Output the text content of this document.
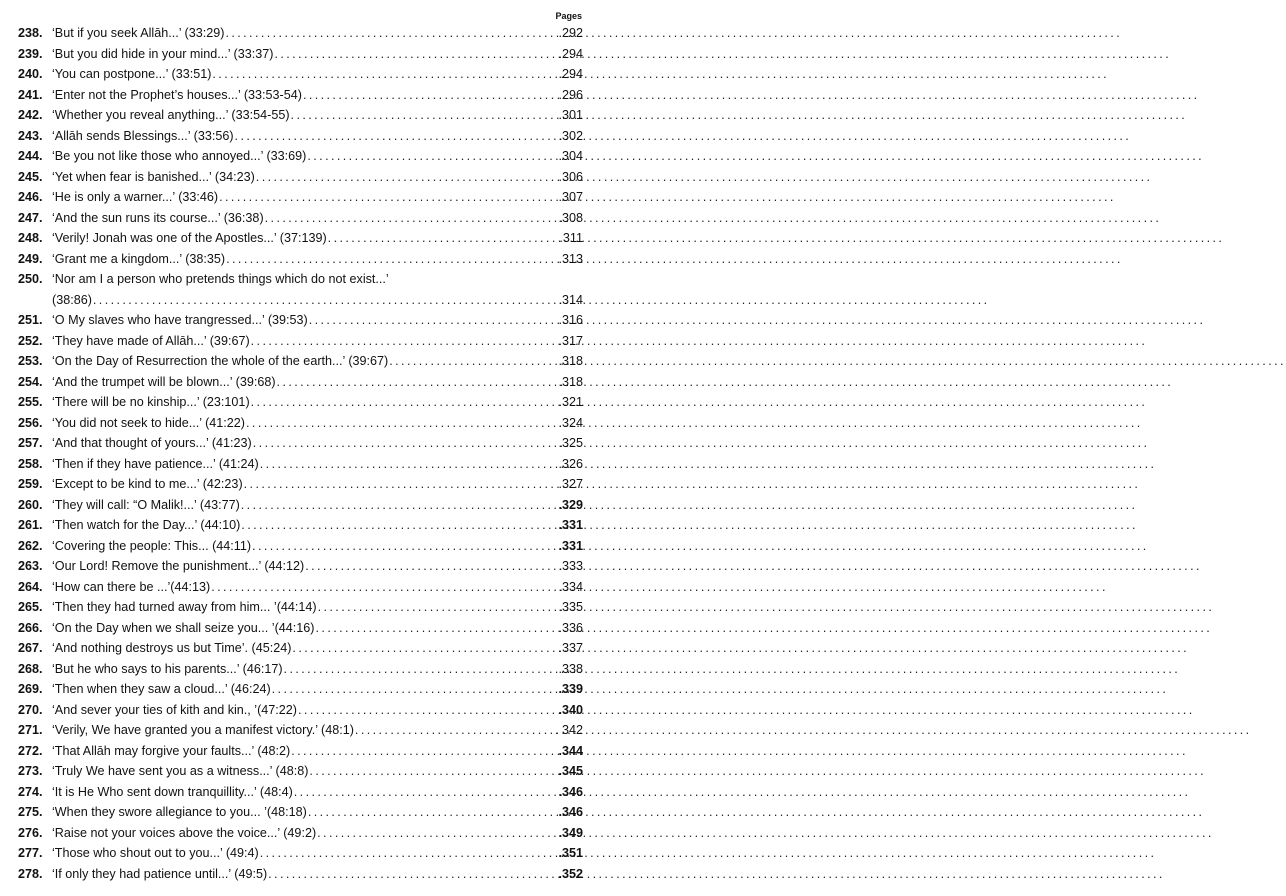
Pages
238. ‘But if you seek Allāh...’ (33:29) .....	.292
239. ‘But you did hide in your mind...’ (33:37) .....	.294
240. ‘You can postpone...’ (33:51) .....	.294
241. ‘Enter not the Prophet’s houses...’ (33:53-54) .....	.296
242. ‘Whether you reveal anything...’ (33:54-55) .....	.301
243. ‘Allāh sends Blessings...’ (33:56) .....	.302
244. ‘Be you not like those who annoyed...’ (33:69) .....	.304
245. ‘Yet when fear is banished...’ (34:23) .....	.306
246. ‘He is only a warner...’ (33:46) .....	.307
247. ‘And the sun runs its course...’ (36:38) .....	.308
248. ‘Verily! Jonah was one of the Apostles...’ (37:139) .....	.311
249. ‘Grant me a kingdom...’ (38:35) .....	.313
250. ‘Nor am I a person who pretends things which do not exist...’
(38:86) .....	.314
251. ‘O My slaves who have trangressed...’ (39:53) .....	.316
252. ‘They have made of Allāh...’ (39:67) .....	.317
253. ‘On the Day of Resurrection the whole of the earth...’ (39:67) .....	.318
254. ‘And the trumpet will be blown...’ (39:68) .....	.318
255. ‘There will be no kinship...’ (23:101) .....	.321
256. ‘You did not seek to hide...’ (41:22) .....	.324
257. ‘And that thought of yours...’ (41:23) .....	.325
258. ‘Then if they have patience...’ (41:24) .....	.326
259. ‘Except to be kind to me...’ (42:23) .....	.327
260. ‘They will call: “O Malik!...’ (43:77) .....	.329
261. ‘Then watch for the Day...’ (44:10) .....	.331
262. ‘Covering the people: This... (44:11) .....	.331
263. ‘Our Lord! Remove the punishment...’ (44:12) .....	.333
264. ‘How can there be ...’(44:13) .....	.334
265. ‘Then they had turned away from him... ’(44:14) .....	.335
266. ‘On the Day when we shall seize you... ’(44:16) .....	.336
267. ‘And nothing destroys us but Time’. (45:24) .....	.337
268. ‘But he who says to his parents...’ (46:17) .....	.338
269. ‘Then when they saw a cloud...’ (46:24) .....	.339
270. ‘And sever your ties of kith and kin., ’(47:22) .....	.340
271. ‘Verily, We have granted you a manifest victory.’ (48:1) .....	. 342
272. ‘That Allāh may forgive your faults...’ (48:2) .....	.344
273. ‘Truly We have sent you as a witness...’ (48:8) .....	.345
274. ‘It is He Who sent down tranquillity...’ (48:4) .....	.346
275. ‘When they swore allegiance to you... ’(48:18) .....	.346
276. ‘Raise not your voices above the voice...’ (49:2) .....	.349
277. ‘Those who shout out to you...’ (49:4) .....	.351
278. ‘If only they had patience until...’ (49:5) .....	.352
